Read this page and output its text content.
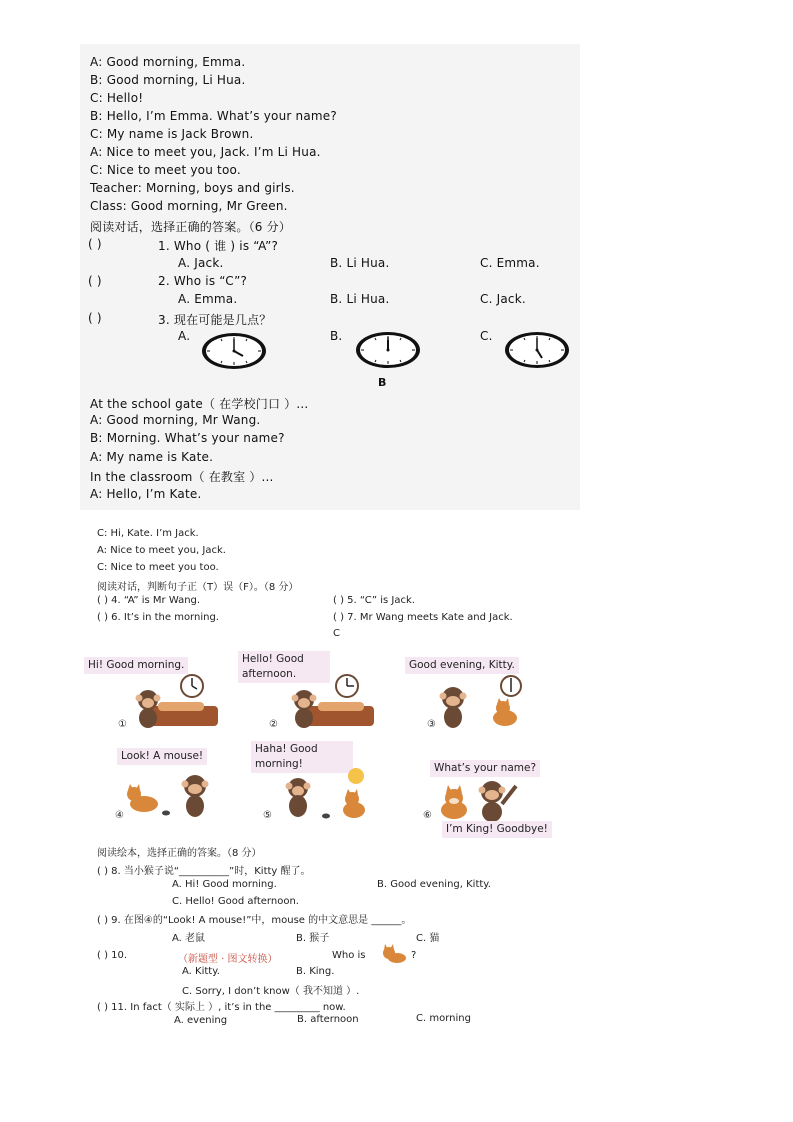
A: Good morning, Emma.
B: Good morning, Li Hua.
C: Hello!
B: Hello, I’m Emma. What’s your name?
C: My name is Jack Brown.
A: Nice to meet you, Jack. I’m Li Hua.
C: Nice to meet you too.
Teacher: Morning, boys and girls.
Class: Good morning, Mr Green.
阅读对话，选择正确的答案。（6 分）
( )	1. Who ( 谁 ) is “A”?
A. Jack.	B. Li Hua.	C. Emma.
( )	2. Who is “C”?
A. Emma.	B. Li Hua.	C. Jack.
( )	3. 现在可能是几点？
A.	B.	C.
B
At the school gate（ 在学校门口 ）...
A: Good morning, Mr Wang.
B: Morning. What’s your name?
A: My name is Kate.
In the classroom（ 在教室 ）...
A: Hello, I’m Kate.
C: Hi, Kate. I’m Jack.
A: Nice to meet you, Jack.
C: Nice to meet you too.
阅读对话，判断句子正（T）误（F）。（8 分）
( ) 4. “A” is Mr Wang.	( ) 5. “C” is Jack.
( ) 6. It’s in the morning.	( ) 7. Mr Wang meets Kate and Jack.
C
Hi! Good morning.	Hello! Good
afternoon.
Good evening, Kitty.
①	②	③
Look! A mouse!
Haha! Good
morning!	What’s your name?
④	⑤	⑥
I’m King! Goodbye!
阅读绘本，选择正确的答案。（8 分）
( ) 8. 当小猴子说“__________”时，Kitty 醒了。
A. Hi! Good morning.	B. Good evening, Kitty.
C. Hello! Good afternoon.
( ) 9. 在图④的“Look! A mouse!”中，mouse 的中文意思是 ______。
A. 老鼠	B. 猴子	C. 猫
( ) 10.	（新题型 · 图文转换）	Who is	?
A. Kitty.	B. King.
C. Sorry, I don’t know（ 我不知道 ）.
( ) 11. In fact（ 实际上 ）, it’s in the _________ now.
A. evening	B. afternoon	C. morning
